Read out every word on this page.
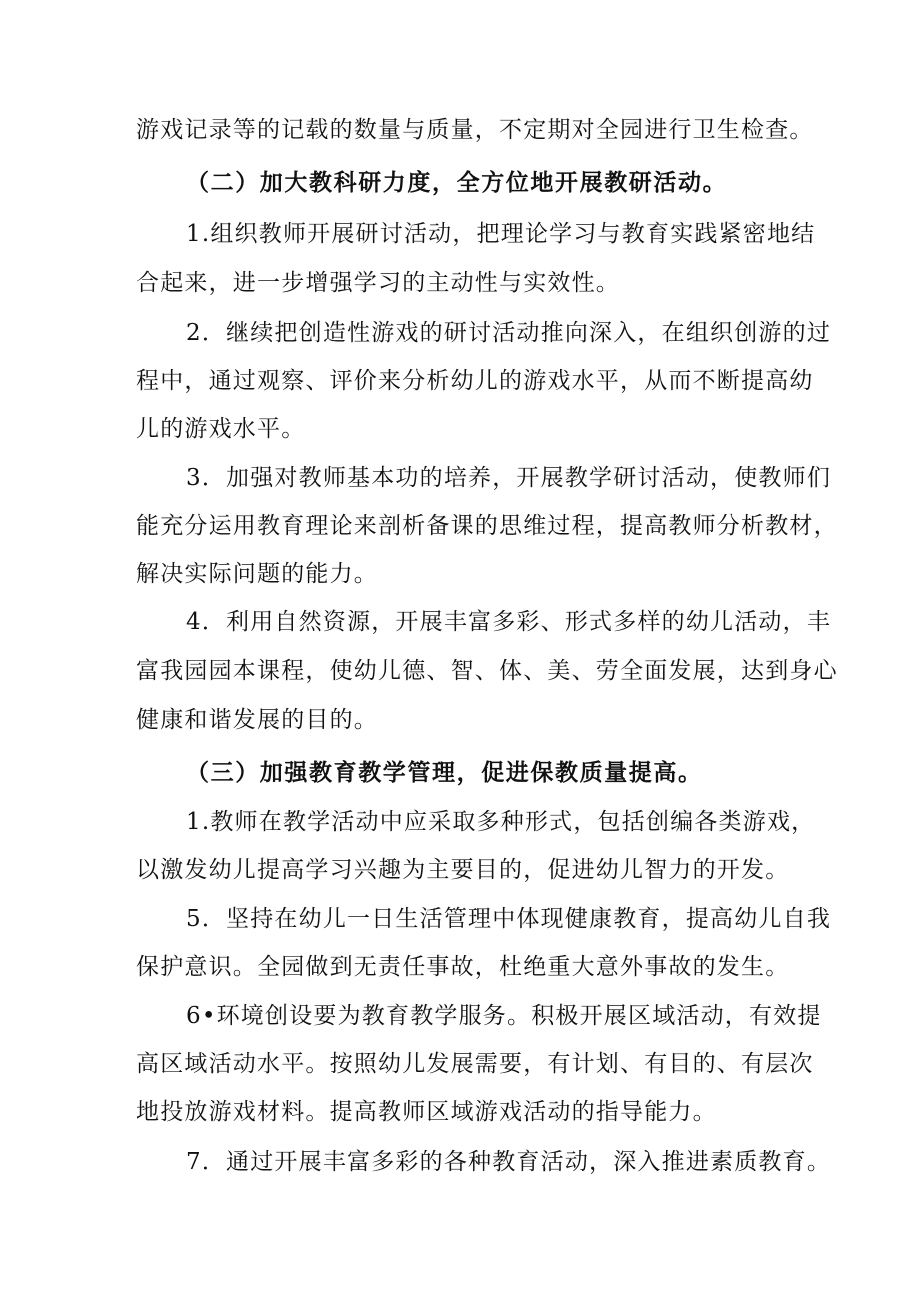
游戏记录等的记载的数量与质量，不定期对全园进行卫生检查。
（二）加大教科研力度，全方位地开展教研活动。
1.组织教师开展研讨活动，把理论学习与教育实践紧密地结
合起来，进一步增强学习的主动性与实效性。
2．继续把创造性游戏的研讨活动推向深入，在组织创游的过
程中，通过观察、评价来分析幼儿的游戏水平，从而不断提高幼
儿的游戏水平。
3．加强对教师基本功的培养，开展教学研讨活动，使教师们
能充分运用教育理论来剖析备课的思维过程，提高教师分析教材，
解决实际问题的能力。
4．利用自然资源，开展丰富多彩、形式多样的幼儿活动，丰
富我园园本课程，使幼儿德、智、体、美、劳全面发展，达到身心
健康和谐发展的目的。
（三）加强教育教学管理，促进保教质量提高。
1.教师在教学活动中应采取多种形式，包括创编各类游戏，
以激发幼儿提高学习兴趣为主要目的，促进幼儿智力的开发。
5．坚持在幼儿一日生活管理中体现健康教育，提高幼儿自我
保护意识。全园做到无责任事故，杜绝重大意外事故的发生。
6•环境创设要为教育教学服务。积极开展区域活动，有效提
高区域活动水平。按照幼儿发展需要，有计划、有目的、有层次
地投放游戏材料。提高教师区域游戏活动的指导能力。
7．通过开展丰富多彩的各种教育活动，深入推进素质教育。
